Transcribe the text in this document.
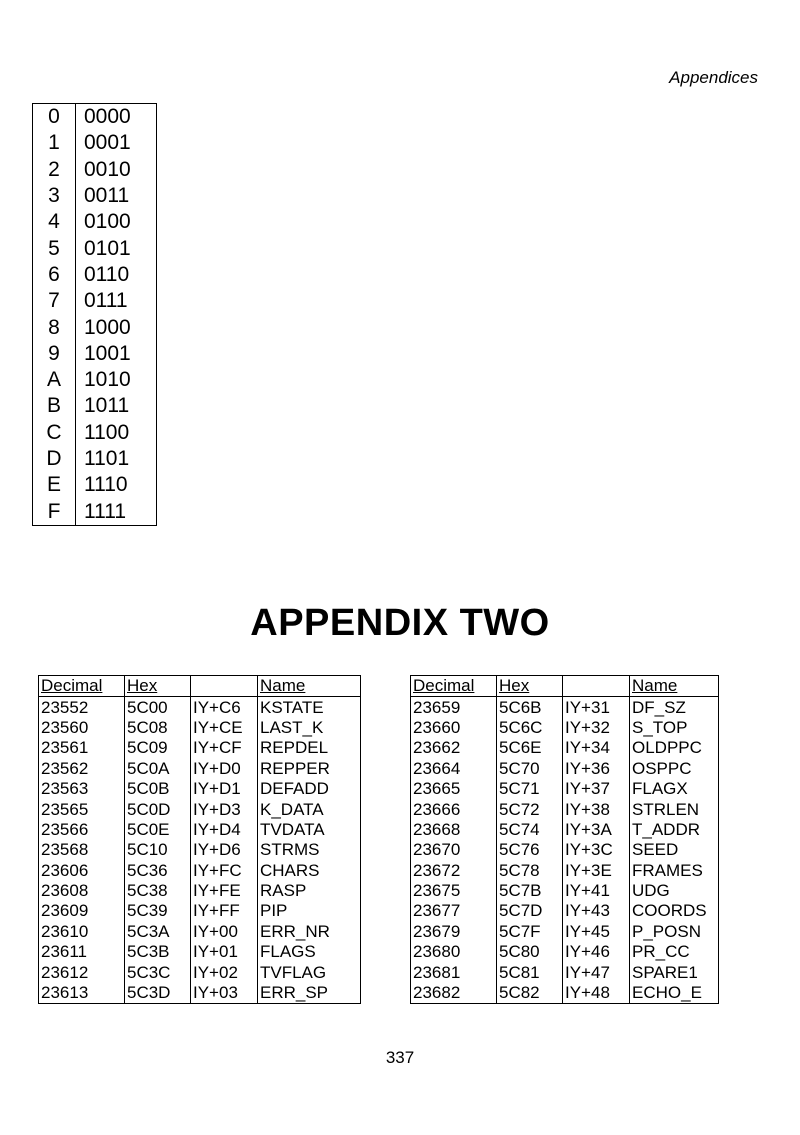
Appendices
0	0000
1	0001
2	0010
3	0011
4	0100
5	0101
6	0110
7	0111
8	1000
9	1001
A	1010
B	1011
C	1100
D	1101
E	1110
F	1111
APPENDIX TWO
Decimal	Hex		Name
23552	5C00	IY+C6	KSTATE
23560	5C08	IY+CE	LAST_K
23561	5C09	IY+CF	REPDEL
23562	5C0A	IY+D0	REPPER
23563	5C0B	IY+D1	DEFADD
23565	5C0D	IY+D3	K_DATA
23566	5C0E	IY+D4	TVDATA
23568	5C10	IY+D6	STRMS
23606	5C36	IY+FC	CHARS
23608	5C38	IY+FE	RASP
23609	5C39	IY+FF	PIP
23610	5C3A	IY+00	ERR_NR
23611	5C3B	IY+01	FLAGS
23612	5C3C	IY+02	TVFLAG
23613	5C3D	IY+03	ERR_SP
Decimal	Hex		Name
23659	5C6B	IY+31	DF_SZ
23660	5C6C	IY+32	S_TOP
23662	5C6E	IY+34	OLDPPC
23664	5C70	IY+36	OSPPC
23665	5C71	IY+37	FLAGX
23666	5C72	IY+38	STRLEN
23668	5C74	IY+3A	T_ADDR
23670	5C76	IY+3C	SEED
23672	5C78	IY+3E	FRAMES
23675	5C7B	IY+41	UDG
23677	5C7D	IY+43	COORDS
23679	5C7F	IY+45	P_POSN
23680	5C80	IY+46	PR_CC
23681	5C81	IY+47	SPARE1
23682	5C82	IY+48	ECHO_E
337
